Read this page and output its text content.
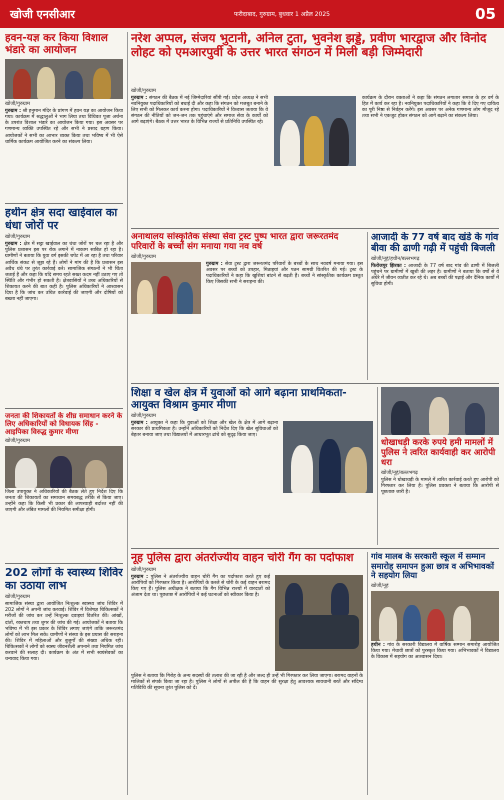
खोजी एनसीआर	फरीदाबाद, गुरुग्राम, बुधवार 1 अप्रैल 2025	05
हवन-यज्ञ कर किया विशाल भंडारे का आयोजन
खोजी/गुरुग्राम
गुरुग्राम : श्री हनुमान मंदिर के प्रांगण में हवन यज्ञ का आयोजन किया गया। कार्यक्रम में श्रद्धालुओं ने भाग लिया तथा विधिवत पूजा अर्चना के उपरांत विशाल भंडारे का आयोजन किया गया। इस अवसर पर गणमान्य व्यक्ति उपस्थित रहे और सभी ने प्रसाद ग्रहण किया। आयोजकों ने सभी का आभार व्यक्त किया तथा भविष्य में भी ऐसे धार्मिक कार्यक्रम आयोजित करने का संकल्प लिया।
हथीन क्षेत्र सदा खाईवाल का धंधा जोरों पर
खोजी/गुरुग्राम
गुरुग्राम : क्षेत्र में सट्टा खाईवाल का धंधा जोरों पर चल रहा है और पुलिस प्रशासन इस पर रोक लगाने में नाकाम साबित हो रहा है। ग्रामीणों ने बताया कि युवा वर्ग इसकी चपेट में आ रहा है तथा परिवार आर्थिक संकट से जूझ रहे हैं। लोगों ने मांग की है कि प्रशासन इस अवैध धंधे पर तुरंत कार्रवाई करे। सामाजिक संगठनों ने भी चिंता जताई है और कहा कि यदि समय रहते सख्त कदम नहीं उठाए गए तो स्थिति और गंभीर हो सकती है। क्षेत्रवासियों ने उच्च अधिकारियों से शिकायत करने की बात कही है। पुलिस अधिकारियों ने आश्वासन दिया है कि जांच कर उचित कार्रवाई की जाएगी और दोषियों को बख्शा नहीं जाएगा।
जनता की शिकायतों के शीघ्र समाधान करने के लिए अधिकारियों को विधायक सिंह - आइपिका विरुद्ध कुमार मीणा
खोजी/गुरुग्राम
जिला उपायुक्त ने अधिकारियों की बैठक लेते हुए निर्देश दिए कि जनता की शिकायतों का समाधान समयबद्ध तरीके से किया जाए। उन्होंने कहा कि किसी भी प्रकार की लापरवाही बर्दाश्त नहीं की जाएगी और लंबित मामलों की नियमित समीक्षा होगी।
202 लोगों के स्वास्थ्य शिविर का उठाया लाभ
खोजी/गुरुग्राम
सामाजिक संस्था द्वारा आयोजित निःशुल्क स्वास्थ्य जांच शिविर में 202 लोगों ने अपनी जांच करवाई। शिविर में विशेषज्ञ चिकित्सकों ने मरीजों की जांच कर उन्हें निःशुल्क दवाइयां वितरित कीं। आंखों, दांतों, रक्तचाप तथा शुगर की जांच की गई। आयोजकों ने बताया कि भविष्य में भी इस प्रकार के शिविर लगाए जाएंगे ताकि जरूरतमंद लोगों को लाभ मिल सके। ग्रामीणों ने संस्था के इस प्रयास की सराहना की। शिविर में महिलाओं और बुजुर्गों की संख्या अधिक रही। चिकित्सकों ने लोगों को स्वस्थ जीवनशैली अपनाने तथा नियमित जांच करवाने की सलाह दी। कार्यक्रम के अंत में सभी स्वयंसेवकों का धन्यवाद किया गया।
नरेश अप्पल, संजय भुटानी, अनिल टुता, भुवनेश झड्डे, प्रवीण भारद्वाज और विनोद लोहट को एमआरपुर्वी के उत्तर भारत संगठन में मिली बड़ी जिम्मेदारी
खोजी/गुरुग्राम
गुरुग्राम : संगठन की बैठक में नई जिम्मेदारियां सौंपी गईं। प्रदेश अध्यक्ष ने सभी नवनियुक्त पदाधिकारियों को बधाई दी और कहा कि संगठन को मजबूत बनाने के लिए सभी को मिलकर कार्य करना होगा। पदाधिकारियों ने विश्वास जताया कि वे संगठन की नीतियों को जन-जन तक पहुंचाएंगे और समाज सेवा के कार्यों को आगे बढ़ाएंगे। बैठक में उत्तर भारत के विभिन्न राज्यों से प्रतिनिधि उपस्थित रहे।
कार्यक्रम के दौरान वक्ताओं ने कहा कि संगठन लगातार समाज के हर वर्ग के हित में कार्य कर रहा है। नवनियुक्त पदाधिकारियों ने कहा कि वे दिए गए दायित्व का पूरी निष्ठा से निर्वहन करेंगे। इस अवसर पर अनेक गणमान्य लोग मौजूद रहे तथा सभी ने एकजुट होकर संगठन को आगे बढ़ाने का संकल्प लिया।
अनाथालय सांस्कृतिक संस्था सेवा ट्रस्ट पुष्प भारत द्वारा जरूरतमंद परिवारों के बच्चों संग मनाया गया नव वर्ष
खोजी/गुरुग्राम
गुरुग्राम : सेवा ट्रस्ट द्वारा जरूरतमंद परिवारों के बच्चों के साथ नववर्ष मनाया गया। इस अवसर पर बच्चों को उपहार, मिठाइयां और पठन सामग्री वितरित की गई। ट्रस्ट के पदाधिकारियों ने कहा कि खुशियां बांटने से बढ़ती हैं। बच्चों ने सांस्कृतिक कार्यक्रम प्रस्तुत किए जिसकी सभी ने सराहना की।
आजादी के 77 वर्ष बाद खंडे के गांव बीवा की ढाणी गढ़ी में पहुंची बिजली
खोजी/नूहं/हथीन/बल्लभगढ़
फिरोजपुर झिरका : आजादी के 77 वर्ष बाद गांव की ढाणी में बिजली पहुंचने पर ग्रामीणों में खुशी की लहर है। ग्रामीणों ने बताया कि वर्षों से वे अंधेरे में जीवन व्यतीत कर रहे थे। अब बच्चों की पढ़ाई और दैनिक कार्यों में सुविधा होगी।
शिक्षा व खेल क्षेत्र में युवाओं को आगे बढ़ाना प्राथमिकता-आयुक्त विश्राम कुमार मीणा
खोजी/गुरुग्राम
गुरुग्राम : आयुक्त ने कहा कि युवाओं को शिक्षा और खेल के क्षेत्र में आगे बढ़ाना सरकार की प्राथमिकता है। उन्होंने अधिकारियों को निर्देश दिए कि खेल सुविधाओं को बेहतर बनाया जाए तथा विद्यालयों में आधारभूत ढांचे को सुदृढ़ किया जाए।
धोखाधड़ी करके रुपये हमी मामलों में पुलिस ने त्वरित कार्यवाही कर आरोपी धरा
खोजी/नूहं/बल्लभगढ़
पुलिस ने धोखाधड़ी के मामले में त्वरित कार्रवाई करते हुए आरोपी को गिरफ्तार कर लिया है। पुलिस प्रवक्ता ने बताया कि आरोपी से पूछताछ जारी है।
नूह पुलिस द्वारा अंतर्राज्यीय वाहन चोरी गैंग का पर्दाफाश
खोजी/गुरुग्राम
गुरुग्राम : पुलिस ने अंतर्राज्यीय वाहन चोरी गैंग का पर्दाफाश करते हुए कई आरोपियों को गिरफ्तार किया है। आरोपियों के कब्जे से चोरी के कई वाहन बरामद किए गए हैं। पुलिस अधीक्षक ने बताया कि गैंग विभिन्न राज्यों में वारदातों को अंजाम देता था। पूछताछ में आरोपियों ने कई घटनाओं को स्वीकार किया है।
पुलिस ने बताया कि गिरोह के अन्य सदस्यों की तलाश की जा रही है और जल्द ही उन्हें भी गिरफ्तार कर लिया जाएगा। बरामद वाहनों के मालिकों से संपर्क किया जा रहा है। पुलिस ने लोगों से अपील की है कि वाहन की सुरक्षा हेतु आवश्यक सावधानी बरतें और संदिग्ध गतिविधि की सूचना तुरंत पुलिस को दें।
गांव मालब के सरकारी स्कूल में सम्मान समारोह समापन हुआ छात्र व अभिभावकों ने सहयोग लिया
खोजी/नूहं
हथीन : गांव के सरकारी विद्यालय में वार्षिक सम्मान समारोह आयोजित किया गया। मेधावी छात्रों को पुरस्कृत किया गया। अभिभावकों ने विद्यालय के विकास में सहयोग का आश्वासन दिया।
